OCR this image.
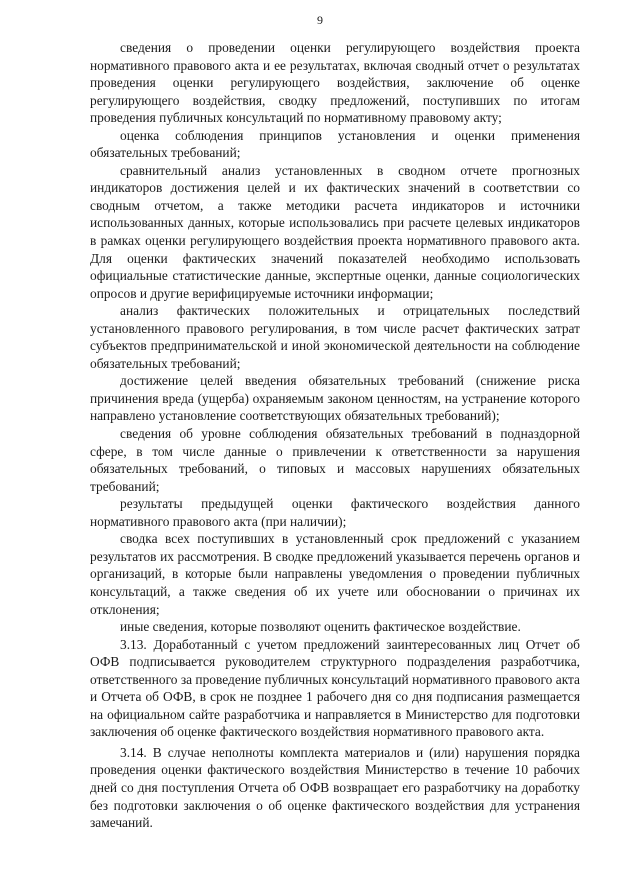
9

сведения о проведении оценки регулирующего воздействия проекта нормативного правового акта и ее результатах, включая сводный отчет о результатах проведения оценки регулирующего воздействия, заключение об оценке регулирующего воздействия, сводку предложений, поступивших по итогам проведения публичных консультаций по нормативному правовому акту;

оценка соблюдения принципов установления и оценки применения обязательных требований;

сравнительный анализ установленных в сводном отчете прогнозных индикаторов достижения целей и их фактических значений в соответствии со сводным отчетом, а также методики расчета индикаторов и источники использованных данных, которые использовались при расчете целевых индикаторов в рамках оценки регулирующего воздействия проекта нормативного правового акта. Для оценки фактических значений показателей необходимо использовать официальные статистические данные, экспертные оценки, данные социологических опросов и другие верифицируемые источники информации;

анализ фактических положительных и отрицательных последствий установленного правового регулирования, в том числе расчет фактических затрат субъектов предпринимательской и иной экономической деятельности на соблюдение обязательных требований;

достижение целей введения обязательных требований (снижение риска причинения вреда (ущерба) охраняемым законом ценностям, на устранение которого направлено установление соответствующих обязательных требований);

сведения об уровне соблюдения обязательных требований в подназдорной сфере, в том числе данные о привлечении к ответственности за нарушения обязательных требований, о типовых и массовых нарушениях обязательных требований;

результаты предыдущей оценки фактического воздействия данного нормативного правового акта (при наличии);

сводка всех поступивших в установленный срок предложений с указанием результатов их рассмотрения. В сводке предложений указывается перечень органов и организаций, в которые были направлены уведомления о проведении публичных консультаций, а также сведения об их учете или обосновании о причинах их отклонения;

иные сведения, которые позволяют оценить фактическое воздействие.

3.13. Доработанный с учетом предложений заинтересованных лиц Отчет об ОФВ подписывается руководителем структурного подразделения разработчика, ответственного за проведение публичных консультаций нормативного правового акта и Отчета об ОФВ, в срок не позднее 1 рабочего дня со дня подписания размещается на официальном сайте разработчика и направляется в Министерство для подготовки заключения об оценке фактического воздействия нормативного правового акта.

3.14. В случае неполноты комплекта материалов и (или) нарушения порядка проведения оценки фактического воздействия Министерство в течение 10 рабочих дней со дня поступления Отчета об ОФВ возвращает его разработчику на доработку без подготовки заключения о об оценке фактического воздействия для устранения замечаний.
